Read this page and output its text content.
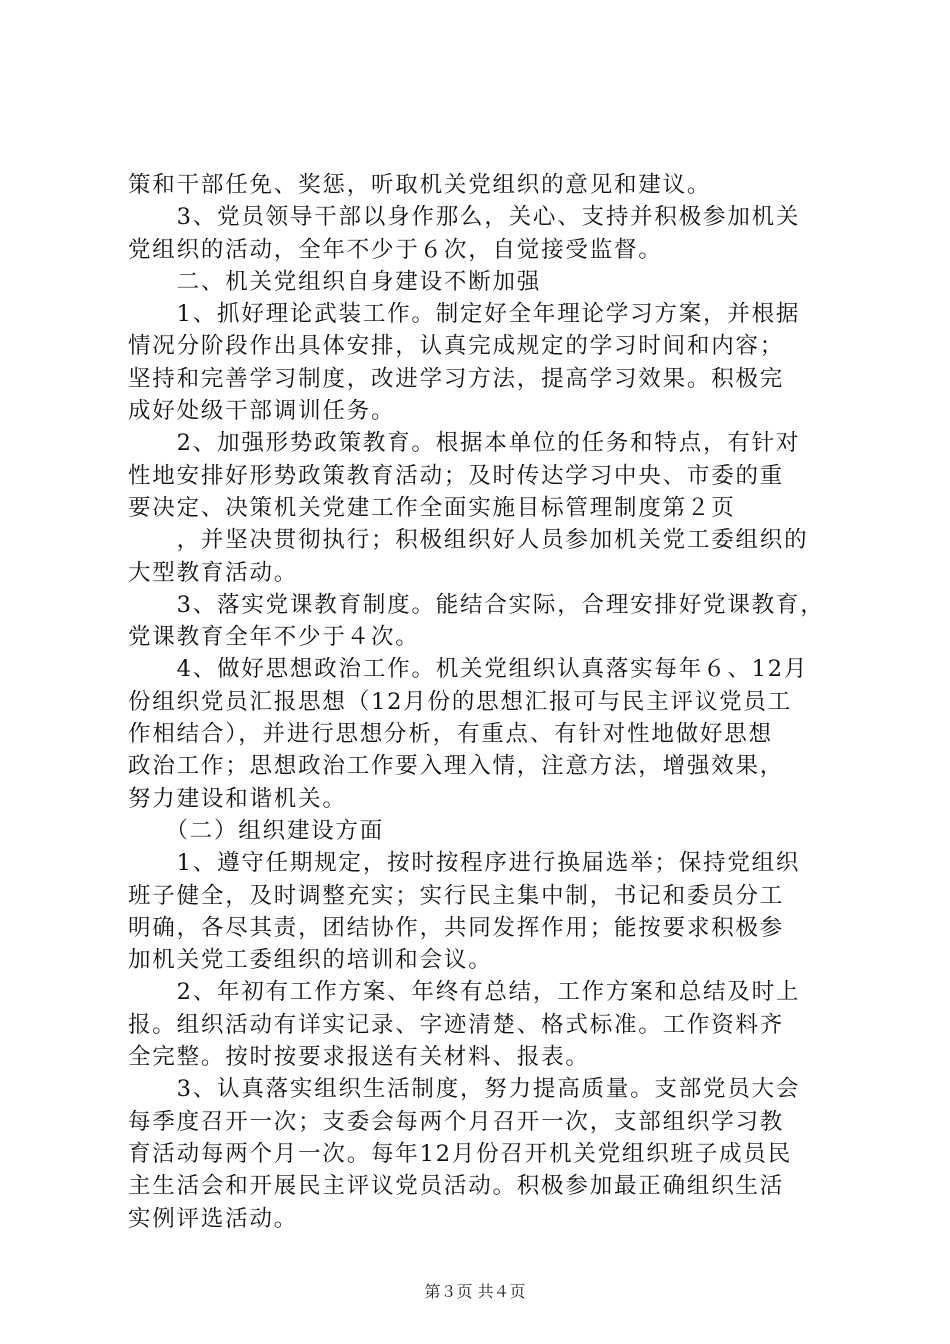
策和干部任免、奖惩，听取机关党组织的意见和建议。
　　3、党员领导干部以身作那么，关心、支持并积极参加机关
党组织的活动，全年不少于６次，自觉接受监督。
　　二、机关党组织自身建设不断加强
　　1、抓好理论武装工作。制定好全年理论学习方案，并根据
情况分阶段作出具体安排，认真完成规定的学习时间和内容；
坚持和完善学习制度，改进学习方法，提高学习效果。积极完
成好处级干部调训任务。
　　2、加强形势政策教育。根据本单位的任务和特点，有针对
性地安排好形势政策教育活动；及时传达学习中央、市委的重
要决定、决策机关党建工作全面实施目标管理制度第２页
　　，并坚决贯彻执行；积极组织好人员参加机关党工委组织的
大型教育活动。
　　3、落实党课教育制度。能结合实际，合理安排好党课教育，
党课教育全年不少于４次。
　　4、做好思想政治工作。机关党组织认真落实每年６、12月
份组织党员汇报思想（12月份的思想汇报可与民主评议党员工
作相结合），并进行思想分析，有重点、有针对性地做好思想
政治工作；思想政治工作要入理入情，注意方法，增强效果，
努力建设和谐机关。
　　（二）组织建设方面
　　1、遵守任期规定，按时按程序进行换届选举；保持党组织
班子健全，及时调整充实；实行民主集中制，书记和委员分工
明确，各尽其责，团结协作，共同发挥作用；能按要求积极参
加机关党工委组织的培训和会议。
　　2、年初有工作方案、年终有总结，工作方案和总结及时上
报。组织活动有详实记录、字迹清楚、格式标准。工作资料齐
全完整。按时按要求报送有关材料、报表。
　　3、认真落实组织生活制度，努力提高质量。支部党员大会
每季度召开一次；支委会每两个月召开一次，支部组织学习教
育活动每两个月一次。每年12月份召开机关党组织班子成员民
主生活会和开展民主评议党员活动。积极参加最正确组织生活
实例评选活动。
第３页 共４页
